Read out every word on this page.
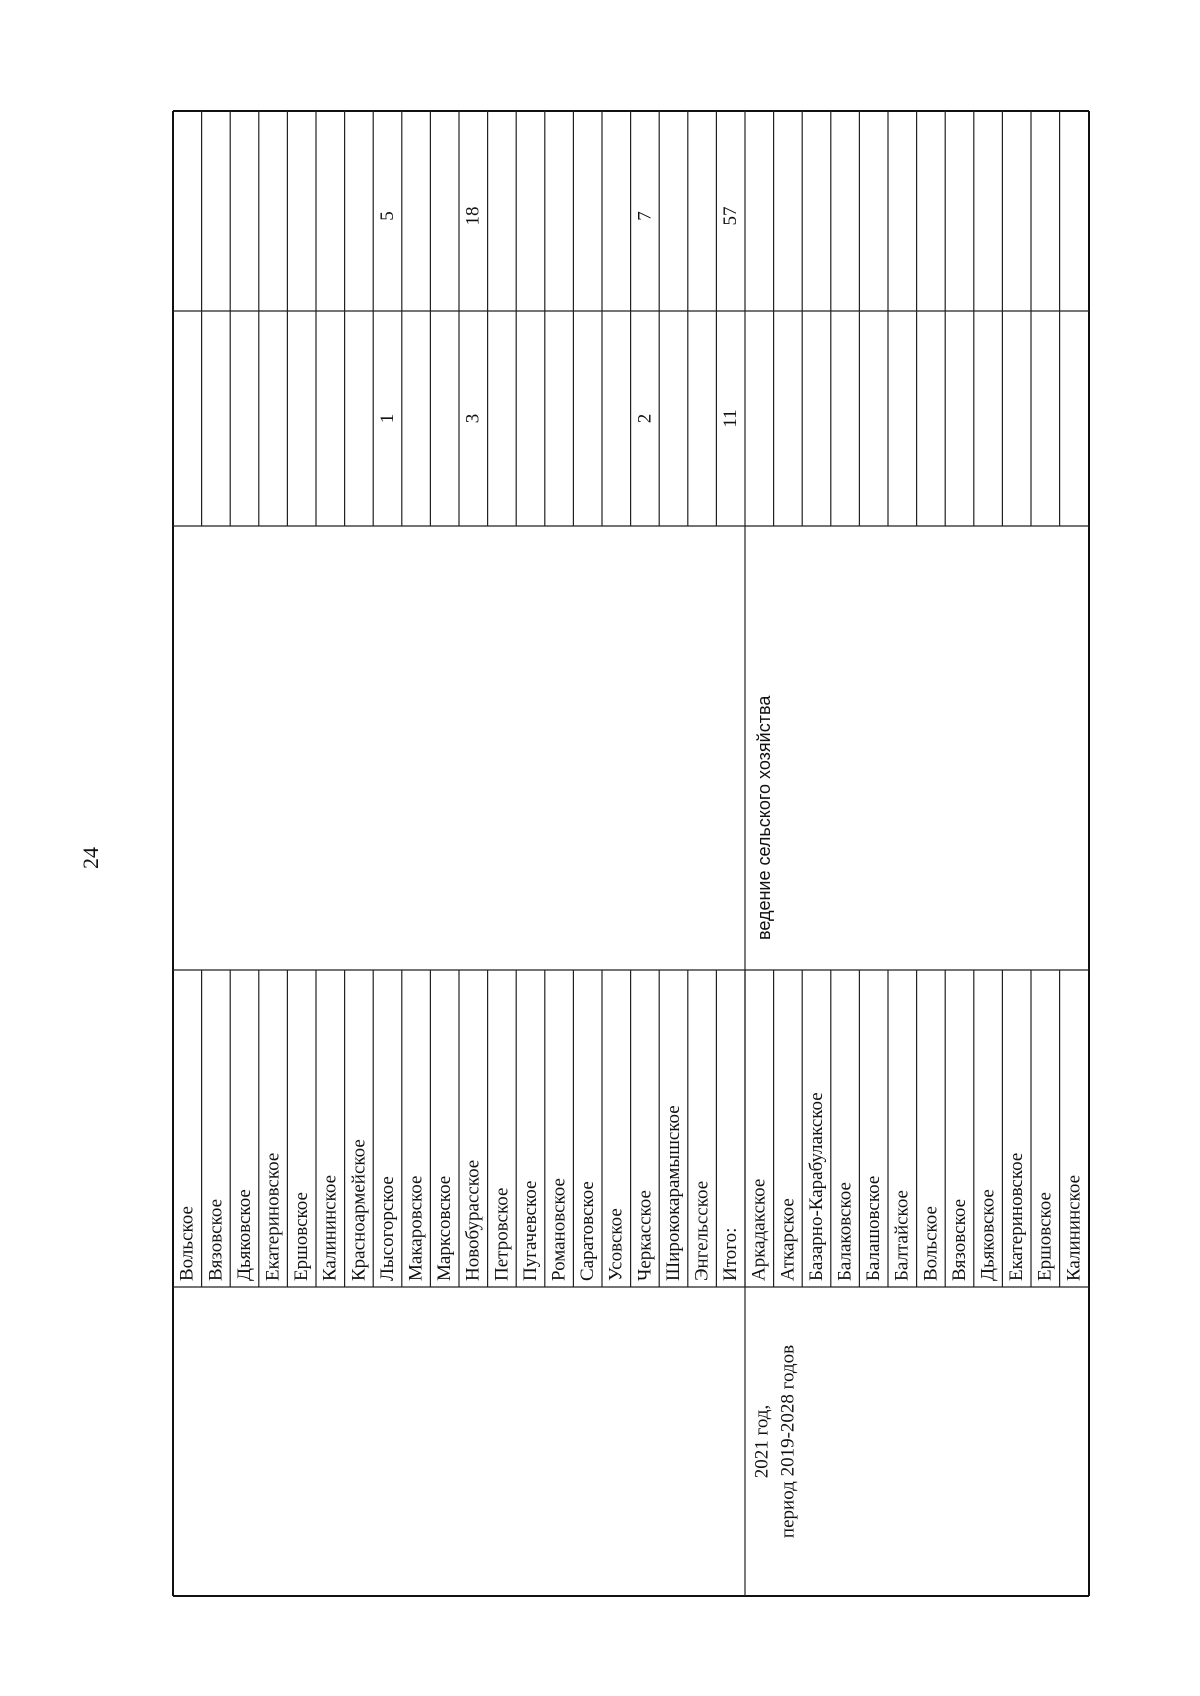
24
Вольское Вязовское Дьяковское Екатериновское Ершовское Калининское Красноармейское Лысогорское
1
5
Макаровское Марксовское Новобурасское
3
18
Петровское Пугачевское Романовское Саратовское Усовское Черкасское
2
7
Ширококарамышское Энгельсское Итого:
11
57
Аркадакское Аткарское Базарно-Карабулакское Балаковское Балашовское Балтайское Вольское Вязовское Дьяковское Екатериновское Ершовское Калининское
2021 год, период 2019-2028 годов
ведение сельского хозяйства
